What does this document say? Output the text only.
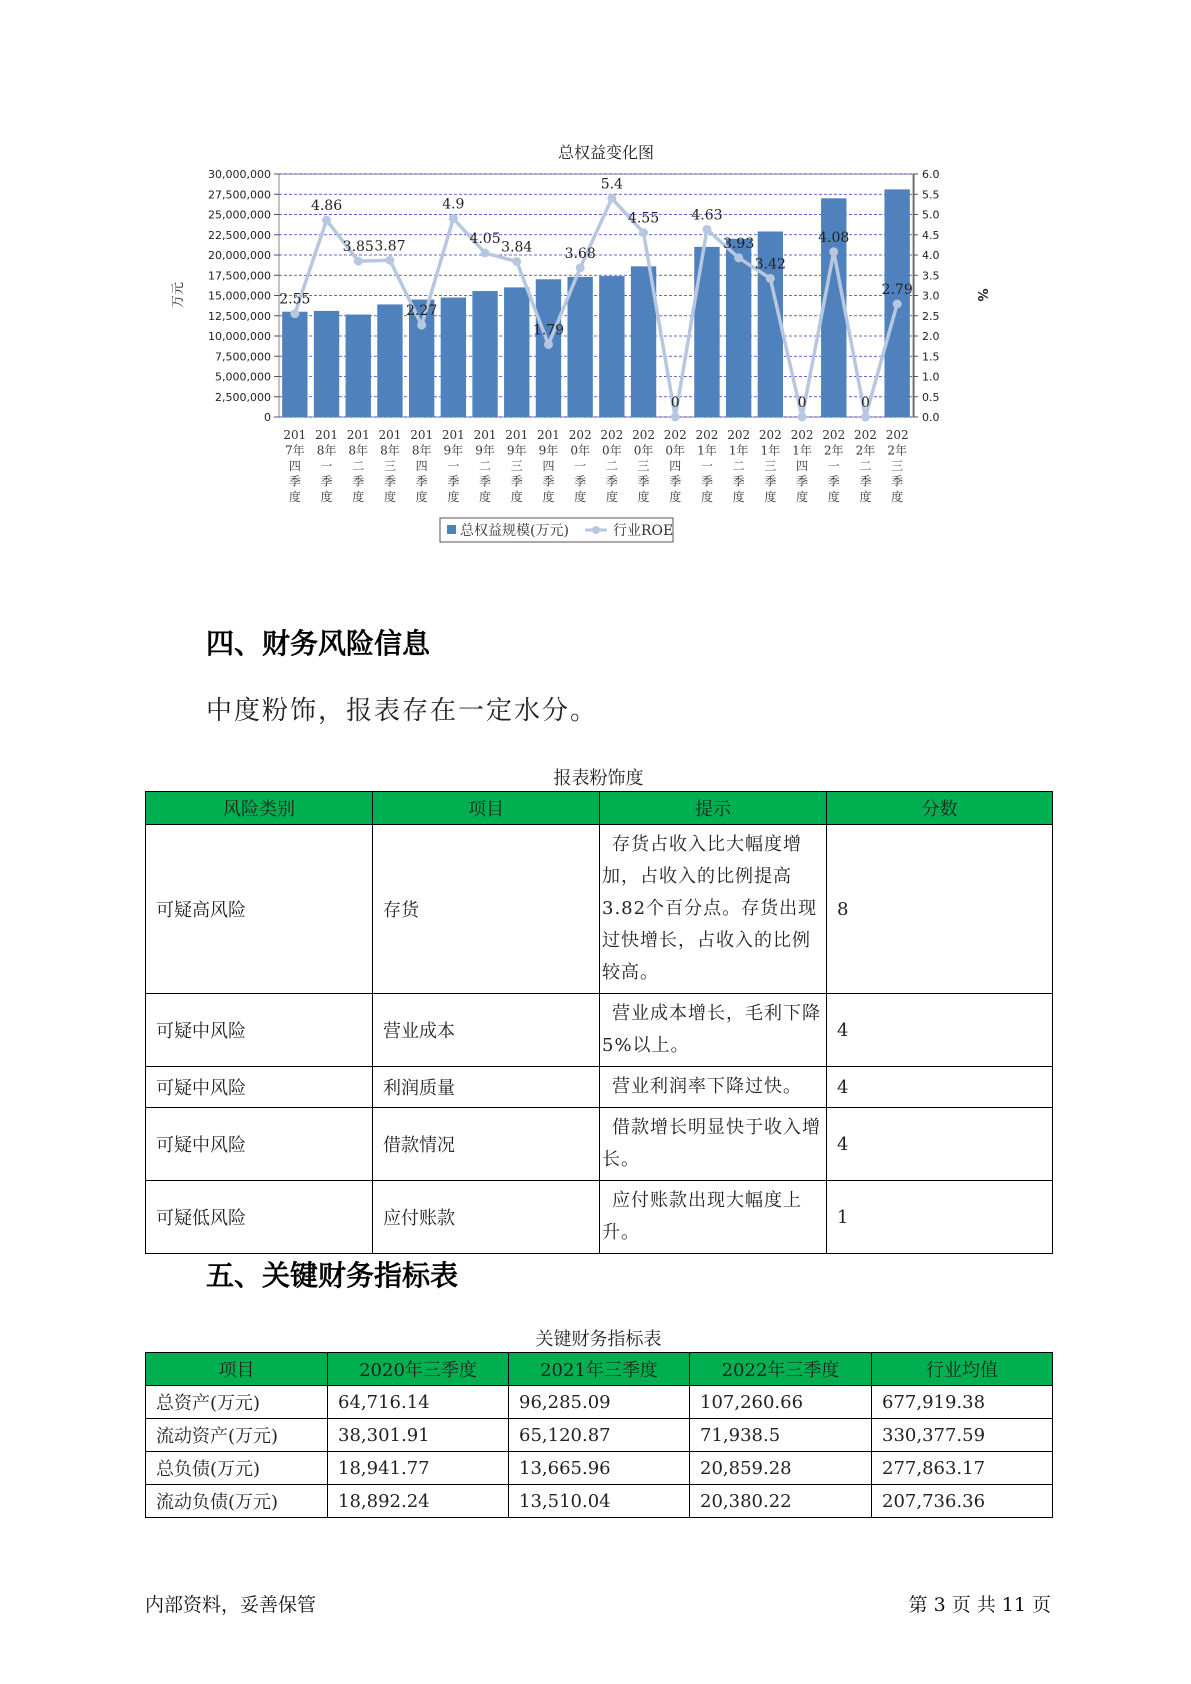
总权益变化图
0
2,500,000
5,000,000
7,500,000
10,000,000
12,500,000
15,000,000
17,500,000
20,000,000
22,500,000
25,000,000
27,500,000
30,000,000
0.0
0.5
1.0
1.5
2.0
2.5
3.0
3.5
4.0
4.5
5.0
5.5
6.0
2.55
4.86
3.85 3.87
2.27
4.9
4.05
3.84
1.79
3.68
5.4
4.55
0
4.63
3.93
3.42
0
4.08
0
2.79
201 7年四季度
201 8年一季度
201 8年二季度
201 8年三季度
201 8年四季度
201 9年一季度
201 9年二季度
201 9年三季度
201 9年四季度
202 0年一季度
202 0年二季度
202 0年三季度
202 0年四季度
202 1年一季度
202 1年二季度
202 1年三季度
202 1年四季度
202 2年一季度
202 2年二季度
202 2年三季度
万元	%
总权益规模(万元)	行业ROE
四、财务风险信息
中度粉饰，报表存在一定水分。
报表粉饰度
风险类别	项目	提示	分数
可疑高风险	存货	存货占收入比大幅度增加，占收入的比例提高3.82个百分点。存货出现过快增长，占收入的比例较高。	8
可疑中风险	营业成本	营业成本增长，毛利下降5%以上。	4
可疑中风险	利润质量	营业利润率下降过快。	4
可疑中风险	借款情况	借款增长明显快于收入增长。	4
可疑低风险	应付账款	应付账款出现大幅度上升。	1
五、关键财务指标表
关键财务指标表
项目	2020年三季度	2021年三季度	2022年三季度	行业均值
总资产(万元)	64,716.14	96,285.09	107,260.66	677,919.38
流动资产(万元)	38,301.91	65,120.87	71,938.5	330,377.59
总负债(万元)	18,941.77	13,665.96	20,859.28	277,863.17
流动负债(万元)	18,892.24	13,510.04	20,380.22	207,736.36
内部资料，妥善保管	第 3 页 共 11 页
